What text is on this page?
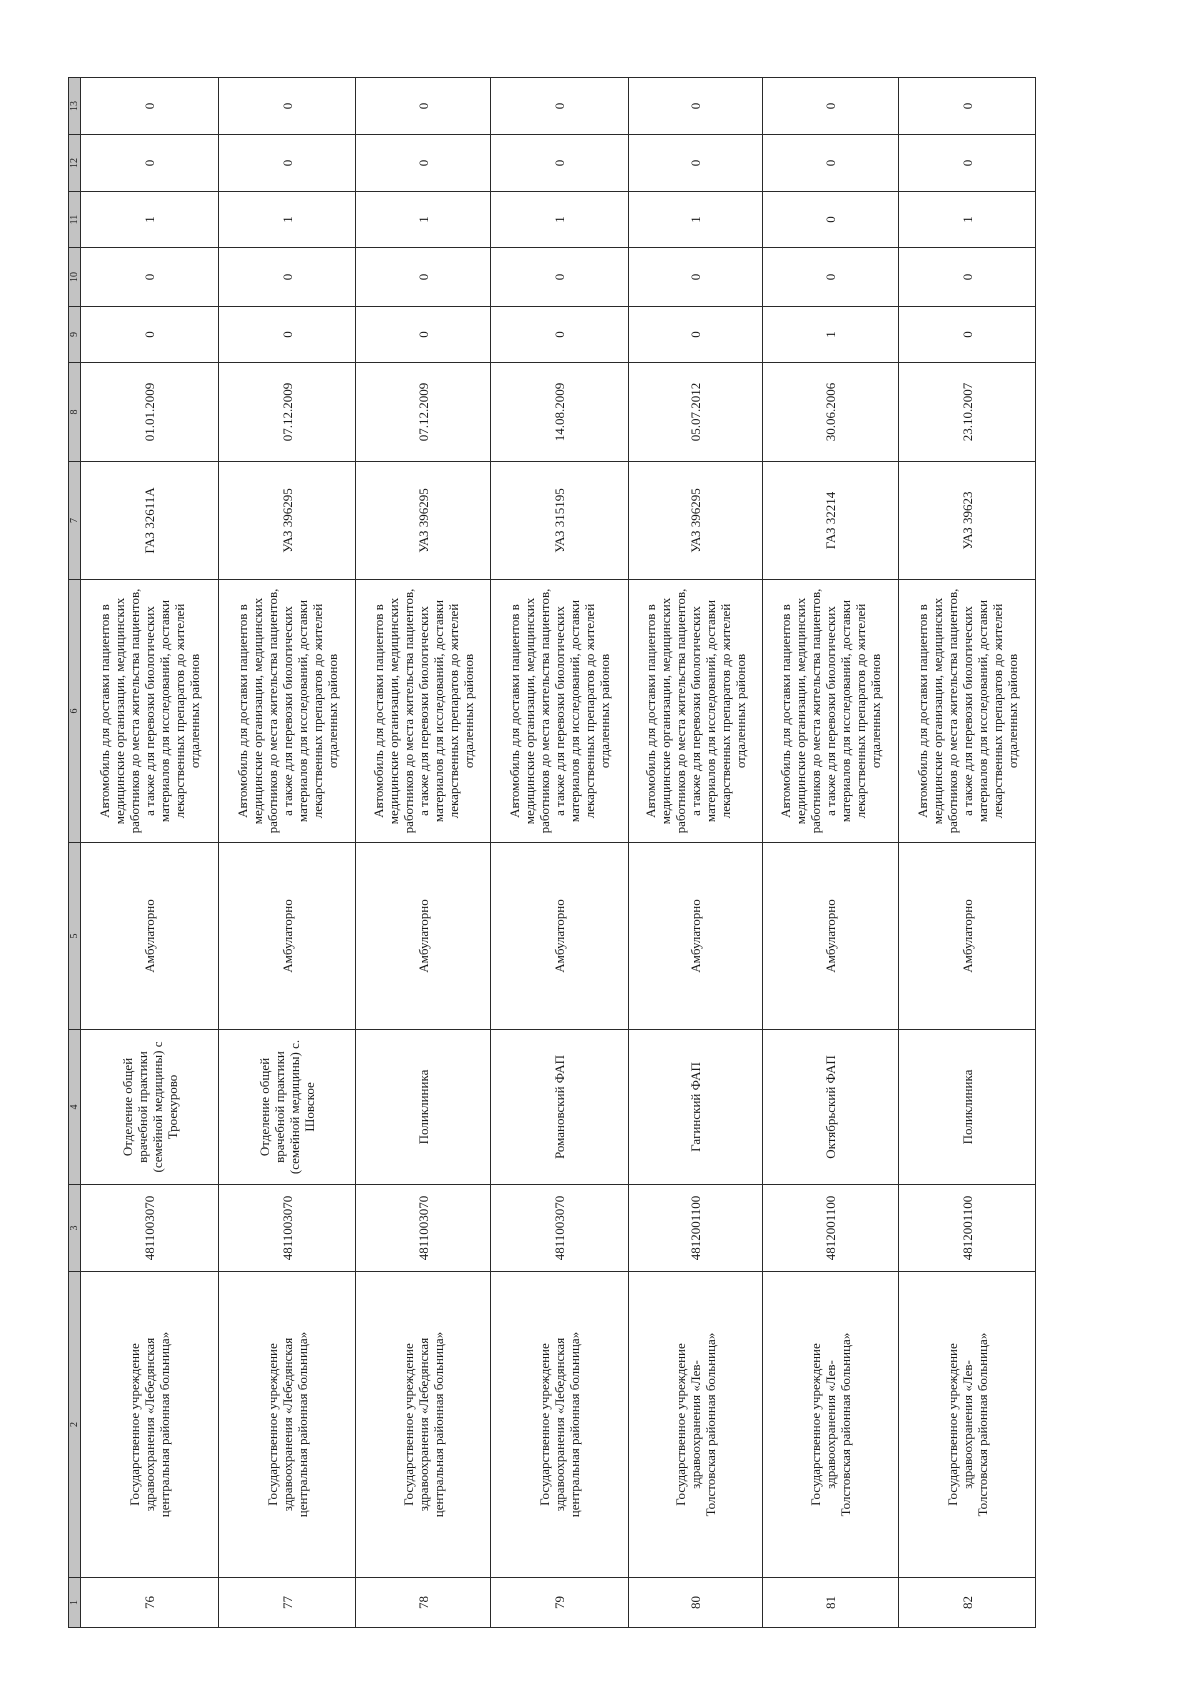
1	2	3	4	5	6	7	8	9	10	11	12	13
76	Государственное учреждение здравоохранения «Лебедянская центральная районная больница»	4811003070	Отделение общей врачебной практики (семейной медицины) с Троекурово	Амбулаторно	Автомобиль для доставки пациентов в медицинские организации, медицинских работников до места жительства пациентов, а также для перевозки биологических материалов для исследований, доставки лекарственных препаратов до жителей отдаленных районов	ГАЗ 32611А	01.01.2009	0	0	1	0	0
77	Государственное учреждение здравоохранения «Лебедянская центральная районная больница»	4811003070	Отделение общей врачебной практики (семейной медицины) с. Шовское	Амбулаторно	Автомобиль для доставки пациентов в медицинские организации, медицинских работников до места жительства пациентов, а также для перевозки биологических материалов для исследований, доставки лекарственных препаратов до жителей отдаленных районов	УАЗ 396295	07.12.2009	0	0	1	0	0
78	Государственное учреждение здравоохранения «Лебедянская центральная районная больница»	4811003070	Поликлиника	Амбулаторно	Автомобиль для доставки пациентов в медицинские организации, медицинских работников до места жительства пациентов, а также для перевозки биологических материалов для исследований, доставки лекарственных препаратов до жителей отдаленных районов	УАЗ 396295	07.12.2009	0	0	1	0	0
79	Государственное учреждение здравоохранения «Лебедянская центральная районная больница»	4811003070	Романовский ФАП	Амбулаторно	Автомобиль для доставки пациентов в медицинские организации, медицинских работников до места жительства пациентов, а также для перевозки биологических материалов для исследований, доставки лекарственных препаратов до жителей отдаленных районов	УАЗ 315195	14.08.2009	0	0	1	0	0
80	Государственное учреждение здравоохранения «Лев-Толстовская районная больница»	4812001100	Гагинский ФАП	Амбулаторно	Автомобиль для доставки пациентов в медицинские организации, медицинских работников до места жительства пациентов, а также для перевозки биологических материалов для исследований, доставки лекарственных препаратов до жителей отдаленных районов	УАЗ 396295	05.07.2012	0	0	1	0	0
81	Государственное учреждение здравоохранения «Лев-Толстовская районная больница»	4812001100	Октябрьский ФАП	Амбулаторно	Автомобиль для доставки пациентов в медицинские организации, медицинских работников до места жительства пациентов, а также для перевозки биологических материалов для исследований, доставки лекарственных препаратов до жителей отдаленных районов	ГАЗ 32214	30.06.2006	1	0	0	0	0
82	Государственное учреждение здравоохранения «Лев-Толстовская районная больница»	4812001100	Поликлиника	Амбулаторно	Автомобиль для доставки пациентов в медицинские организации, медицинских работников до места жительства пациентов, а также для перевозки биологических материалов для исследований, доставки лекарственных препаратов до жителей отдаленных районов	УАЗ 39623	23.10.2007	0	0	1	0	0
